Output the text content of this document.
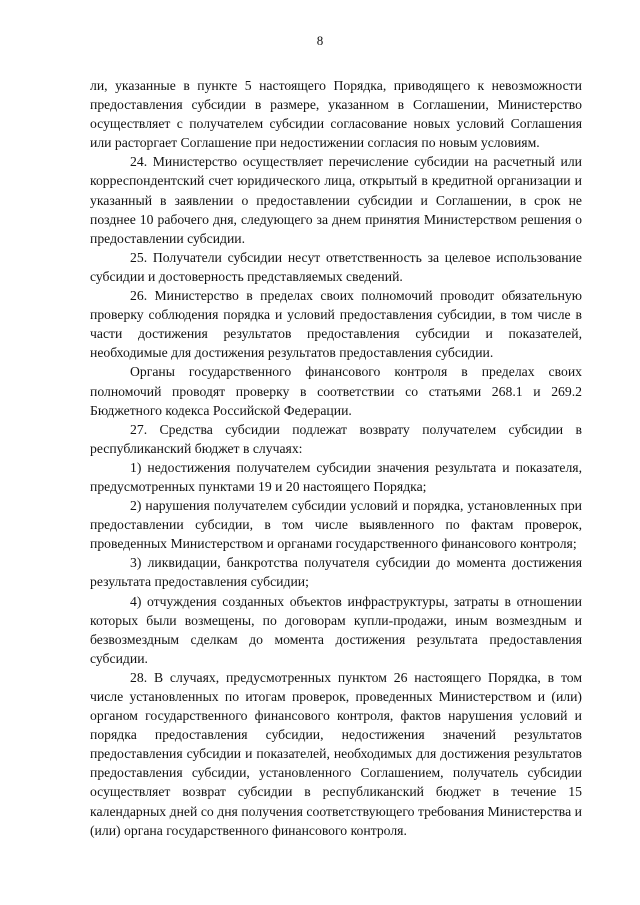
8

ли, указанные в пункте 5 настоящего Порядка, приводящего к невозможности предоставления субсидии в размере, указанном в Соглашении, Министерство осуществляет с получателем субсидии согласование новых условий Соглашения или расторгает Соглашение при недостижении согласия по новым условиям.

24. Министерство осуществляет перечисление субсидии на расчетный или корреспондентский счет юридического лица, открытый в кредитной организации и указанный в заявлении о предоставлении субсидии и Соглашении, в срок не позднее 10 рабочего дня, следующего за днем принятия Министерством решения о предоставлении субсидии.

25. Получатели субсидии несут ответственность за целевое использование субсидии и достоверность представляемых сведений.

26. Министерство в пределах своих полномочий проводит обязательную проверку соблюдения порядка и условий предоставления субсидии, в том числе в части достижения результатов предоставления субсидии и показателей, необходимые для достижения результатов предоставления субсидии.

Органы государственного финансового контроля в пределах своих полномочий проводят проверку в соответствии со статьями 268.1 и 269.2 Бюджетного кодекса Российской Федерации.

27. Средства субсидии подлежат возврату получателем субсидии в республиканский бюджет в случаях:

1) недостижения получателем субсидии значения результата и показателя, предусмотренных пунктами 19 и 20 настоящего Порядка;

2) нарушения получателем субсидии условий и порядка, установленных при предоставлении субсидии, в том числе выявленного по фактам проверок, проведенных Министерством и органами государственного финансового контроля;

3) ликвидации, банкротства получателя субсидии до момента достижения результата предоставления субсидии;

4) отчуждения созданных объектов инфраструктуры, затраты в отношении которых были возмещены, по договорам купли-продажи, иным возмездным и безвозмездным сделкам до момента достижения результата предоставления субсидии.

28. В случаях, предусмотренных пунктом 26 настоящего Порядка, в том числе установленных по итогам проверок, проведенных Министерством и (или) органом государственного финансового контроля, фактов нарушения условий и порядка предоставления субсидии, недостижения значений результатов предоставления субсидии и показателей, необходимых для достижения результатов предоставления субсидии, установленного Соглашением, получатель субсидии осуществляет возврат субсидии в республиканский бюджет в течение 15 календарных дней со дня получения соответствующего требования Министерства и (или) органа государственного финансового контроля.
